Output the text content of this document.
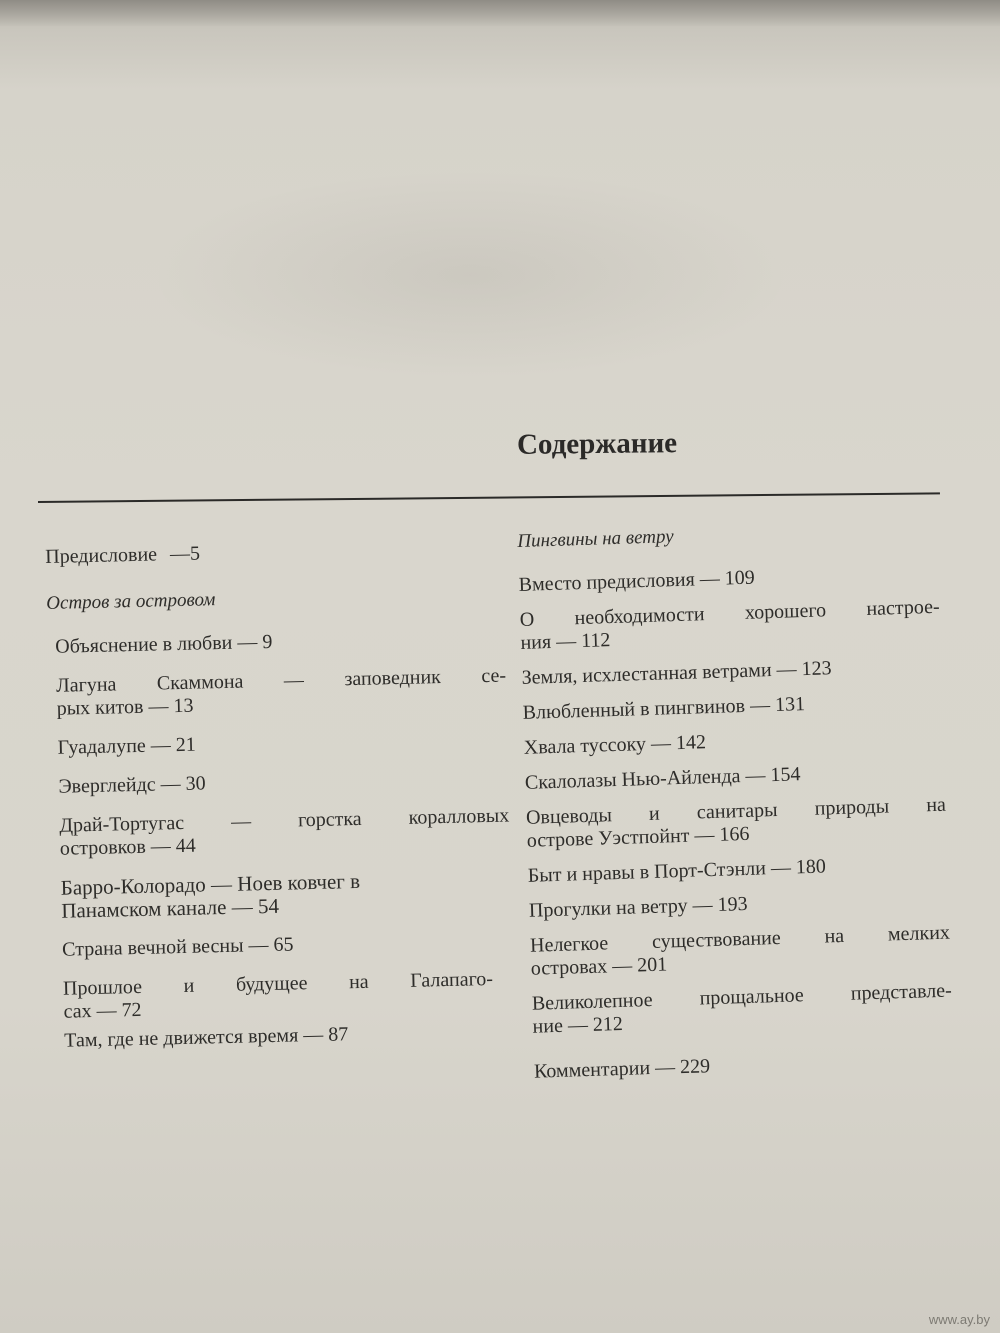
Содержание
Предисловие —5
Остров за островом
Объяснение в любви — 9
Лагуна Скаммона — заповедник се-
рых китов — 13
Гуадалупе — 21
Эверглейдс — 30
Драй-Тортугас — горстка коралловых
островков — 44
Барро-Колорадо — Ноев ковчег в
Панамском канале — 54
Страна вечной весны — 65
Прошлое и будущее на Галапаго-
сах — 72
Там, где не движется время — 87
Пингвины на ветру
Вместо предисловия — 109
О необходимости хорошего настрое-
ния — 112
Земля, исхлестанная ветрами — 123
Влюбленный в пингвинов — 131
Хвала туссоку — 142
Скалолазы Нью-Айленда — 154
Овцеводы и санитары природы на
острове Уэстпойнт — 166
Быт и нравы в Порт-Стэнли — 180
Прогулки на ветру — 193
Нелегкое существование на мелких
островах — 201
Великолепное прощальное представле-
ние — 212
Комментарии — 229
www.ay.by
